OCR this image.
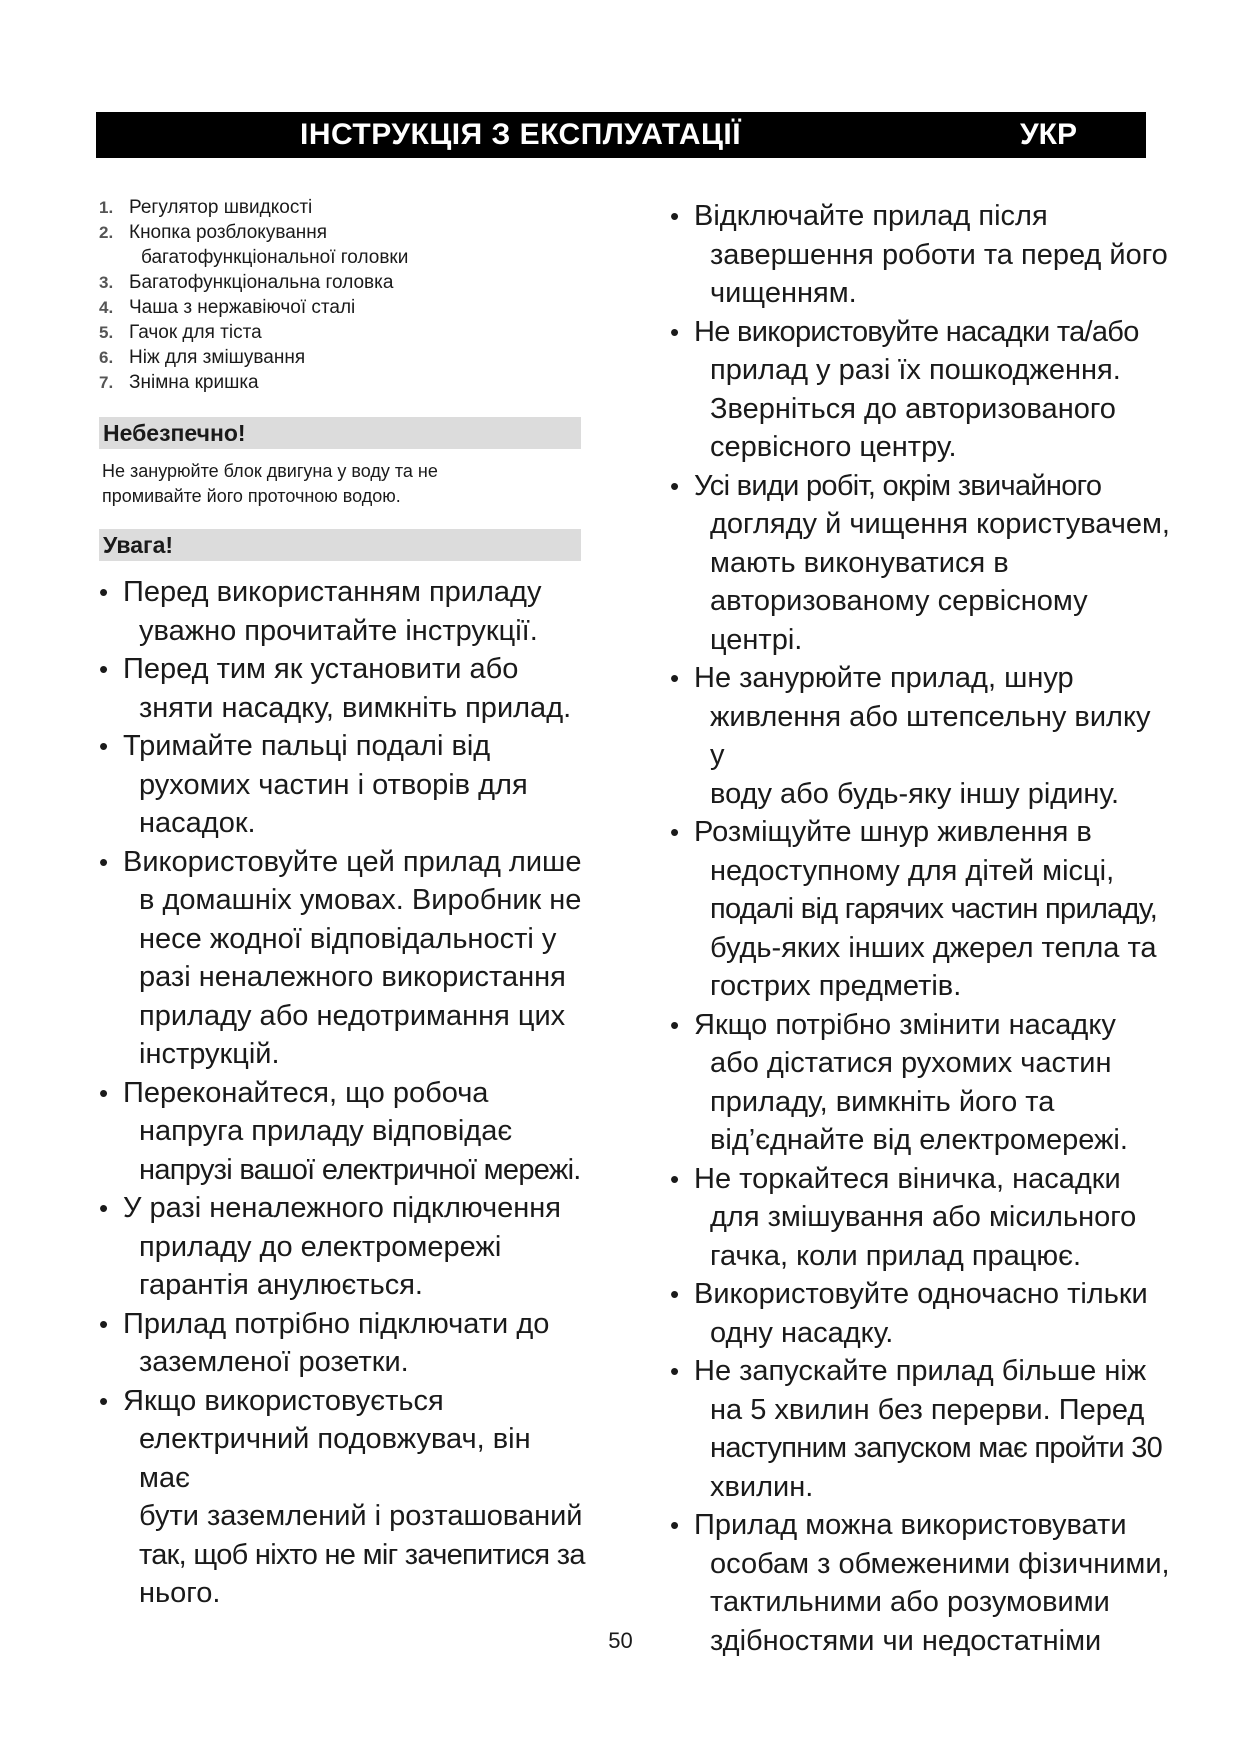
ІНСТРУКЦІЯ З ЕКСПЛУАТАЦІЇ	УКР
1. Регулятор швидкості
2. Кнопка розблокування
багатофункціональної головки
3. Багатофункціональна головка
4. Чаша з нержавіючої сталі
5. Гачок для тіста
6. Ніж для змішування
7. Знімна кришка
Небезпечно!
Не занурюйте блок двигуна у воду та не
промивайте його проточною водою.
Увага!
• Перед використанням приладу
уважно прочитайте інструкції.
• Перед тим як установити або
зняти насадку, вимкніть прилад.
• Тримайте пальці подалі від
рухомих частин і отворів для
насадок.
• Використовуйте цей прилад лише
в домашніх умовах. Виробник не
несе жодної відповідальності у
разі неналежного використання
приладу або недотримання цих
інструкцій.
• Переконайтеся, що робоча
напруга приладу відповідає
напрузі вашої електричної мережі.
• У разі неналежного підключення
приладу до електромережі
гарантія анулюється.
• Прилад потрібно підключати до
заземленої розетки.
• Якщо використовується
електричний подовжувач, він має
бути заземлений і розташований
так, щоб ніхто не міг зачепитися за
нього.
• Відключайте прилад після
завершення роботи та перед його
чищенням.
• Не використовуйте насадки та/або
прилад у разі їх пошкодження.
Зверніться до авторизованого
сервісного центру.
• Усі види робіт, окрім звичайного
догляду й чищення користувачем,
мають виконуватися в
авторизованому сервісному
центрі.
• Не занурюйте прилад, шнур
живлення або штепсельну вилку у
воду або будь-яку іншу рідину.
• Розміщуйте шнур живлення в
недоступному для дітей місці,
подалі від гарячих частин приладу,
будь-яких інших джерел тепла та
гострих предметів.
• Якщо потрібно змінити насадку
або дістатися рухомих частин
приладу, вимкніть його та
від’єднайте від електромережі.
• Не торкайтеся віничка, насадки
для змішування або місильного
гачка, коли прилад працює.
• Використовуйте одночасно тільки
одну насадку.
• Не запускайте прилад більше ніж
на 5 хвилин без перерви. Перед
наступним запуском має пройти 30
хвилин.
• Прилад можна використовувати
особам з обмеженими фізичними,
тактильними або розумовими
здібностями чи недостатніми
50
